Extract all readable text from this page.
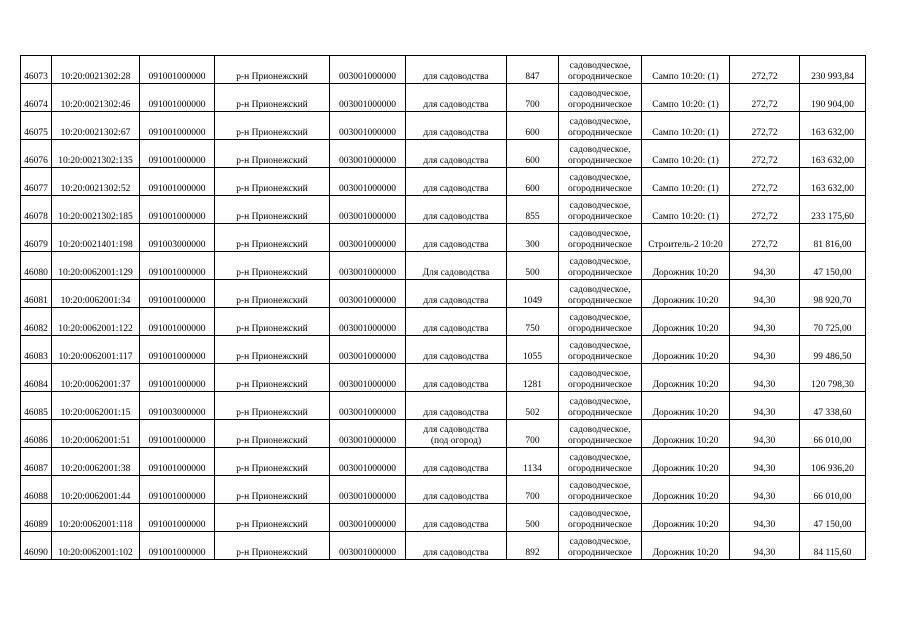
46073	10:20:0021302:28	091001000000	р-н Прионежский	003001000000	для садоводства	847	садоводческое,
огородническое	Сампо 10:20: (1)	272,72	230 993,84
46074	10:20:0021302:46	091001000000	р-н Прионежский	003001000000	для садоводства	700	садоводческое,
огородническое	Сампо 10:20: (1)	272,72	190 904,00
46075	10:20:0021302:67	091001000000	р-н Прионежский	003001000000	для садоводства	600	садоводческое,
огородническое	Сампо 10:20: (1)	272,72	163 632,00
46076	10:20:0021302:135	091001000000	р-н Прионежский	003001000000	для садоводства	600	садоводческое,
огородническое	Сампо 10:20: (1)	272,72	163 632,00
46077	10:20:0021302:52	091001000000	р-н Прионежский	003001000000	для садоводства	600	садоводческое,
огородническое	Сампо 10:20: (1)	272,72	163 632,00
46078	10:20:0021302:185	091001000000	р-н Прионежский	003001000000	для садоводства	855	садоводческое,
огородническое	Сампо 10:20: (1)	272,72	233 175,60
46079	10:20:0021401:198	091003000000	р-н Прионежский	003001000000	для садоводства	300	садоводческое,
огородническое	Строитель-2 10:20	272,72	81 816,00
46080	10:20:0062001:129	091001000000	р-н Прионежский	003001000000	Для садоводства	500	садоводческое,
огородническое	Дорожник 10:20	94,30	47 150,00
46081	10:20:0062001:34	091001000000	р-н Прионежский	003001000000	для садоводства	1049	садоводческое,
огородническое	Дорожник 10:20	94,30	98 920,70
46082	10:20:0062001:122	091001000000	р-н Прионежский	003001000000	для садоводства	750	садоводческое,
огородническое	Дорожник 10:20	94,30	70 725,00
46083	10:20:0062001:117	091001000000	р-н Прионежский	003001000000	для садоводства	1055	садоводческое,
огородническое	Дорожник 10:20	94,30	99 486,50
46084	10:20:0062001:37	091001000000	р-н Прионежский	003001000000	для садоводства	1281	садоводческое,
огородническое	Дорожник 10:20	94,30	120 798,30
46085	10:20:0062001:15	091003000000	р-н Прионежский	003001000000	для садоводства	502	садоводческое,
огородническое	Дорожник 10:20	94,30	47 338,60
46086	10:20:0062001:51	091001000000	р-н Прионежский	003001000000	для садоводства
(под огород)	700	садоводческое,
огородническое	Дорожник 10:20	94,30	66 010,00
46087	10:20:0062001:38	091001000000	р-н Прионежский	003001000000	для садоводства	1134	садоводческое,
огородническое	Дорожник 10:20	94,30	106 936,20
46088	10:20:0062001:44	091001000000	р-н Прионежский	003001000000	для садоводства	700	садоводческое,
огородническое	Дорожник 10:20	94,30	66 010,00
46089	10:20:0062001:118	091001000000	р-н Прионежский	003001000000	для садоводства	500	садоводческое,
огородническое	Дорожник 10:20	94,30	47 150,00
46090	10:20:0062001:102	091001000000	р-н Прионежский	003001000000	для садоводства	892	садоводческое,
огородническое	Дорожник 10:20	94,30	84 115,60
